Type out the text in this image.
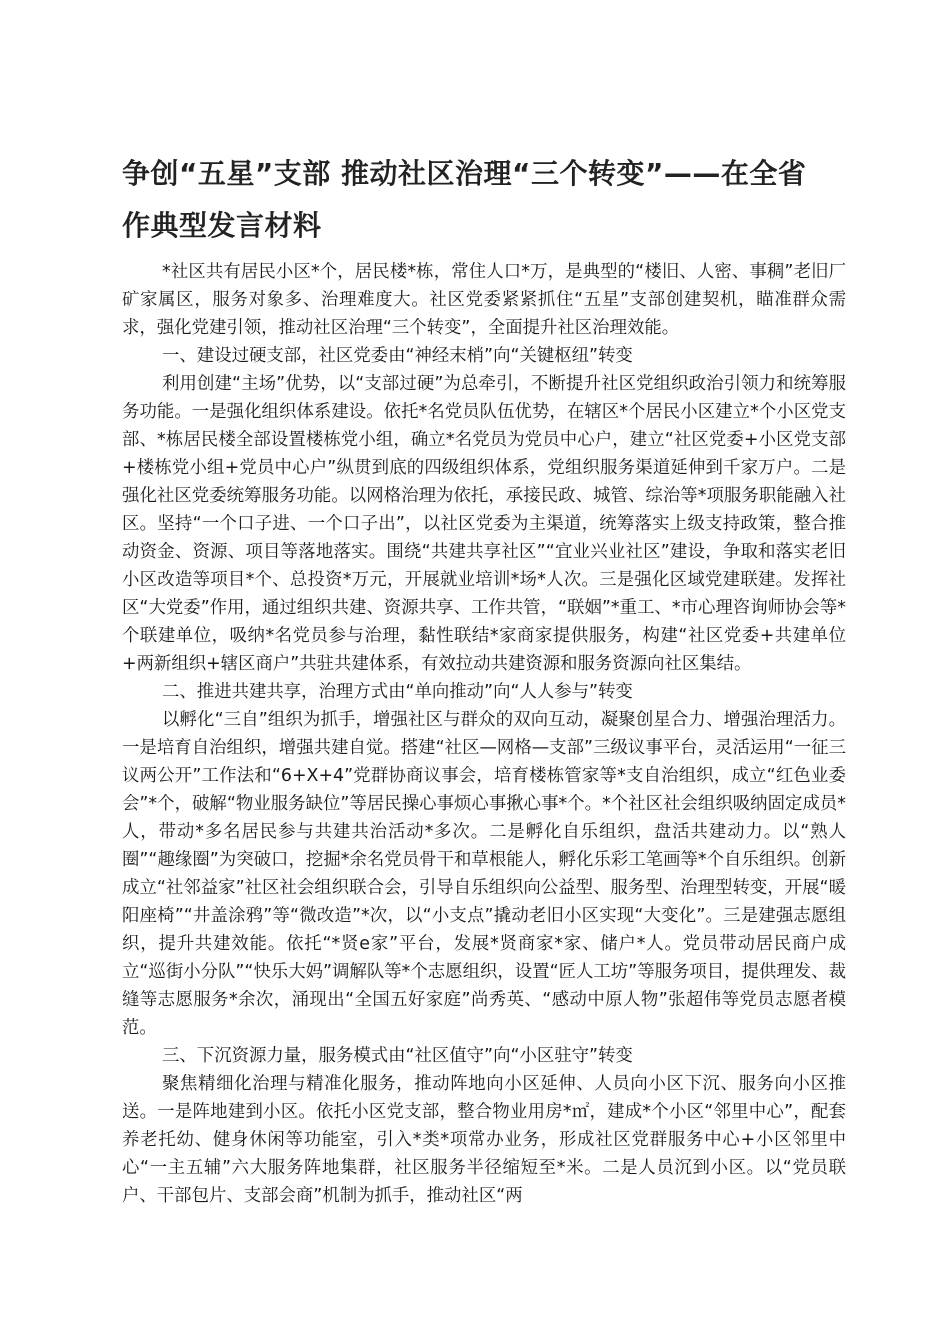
争创“五星”支部 推动社区治理“三个转变”——在全省作典型发言材料

*社区共有居民小区*个，居民楼*栋，常住人口*万，是典型的“楼旧、人密、事稠”老旧厂矿家属区，服务对象多、治理难度大。社区党委紧紧抓住“五星”支部创建契机，瞄准群众需求，强化党建引领，推动社区治理“三个转变”，全面提升社区治理效能。

一、建设过硬支部，社区党委由“神经末梢”向“关键枢纽”转变

利用创建“主场”优势，以“支部过硬”为总牵引，不断提升社区党组织政治引领力和统筹服务功能。一是强化组织体系建设。依托*名党员队伍优势，在辖区*个居民小区建立*个小区党支部、*栋居民楼全部设置楼栋党小组，确立*名党员为党员中心户，建立“社区党委+小区党支部+楼栋党小组+党员中心户”纵贯到底的四级组织体系，党组织服务渠道延伸到千家万户。二是强化社区党委统筹服务功能。以网格治理为依托，承接民政、城管、综治等*项服务职能融入社区。坚持“一个口子进、一个口子出”，以社区党委为主渠道，统筹落实上级支持政策，整合推动资金、资源、项目等落地落实。围绕“共建共享社区”“宜业兴业社区”建设，争取和落实老旧小区改造等项目*个、总投资*万元，开展就业培训*场*人次。三是强化区域党建联建。发挥社区“大党委”作用，通过组织共建、资源共享、工作共管，“联姻”*重工、*市心理咨询师协会等*个联建单位，吸纳*名党员参与治理，黏性联结*家商家提供服务，构建“社区党委+共建单位+两新组织+辖区商户”共驻共建体系，有效拉动共建资源和服务资源向社区集结。

二、推进共建共享，治理方式由“单向推动”向“人人参与”转变

以孵化“三自”组织为抓手，增强社区与群众的双向互动，凝聚创星合力、增强治理活力。一是培育自治组织，增强共建自觉。搭建“社区—网格—支部”三级议事平台，灵活运用“一征三议两公开”工作法和“6+X+4”党群协商议事会，培育楼栋管家等*支自治组织，成立“红色业委会”*个，破解“物业服务缺位”等居民操心事烦心事揪心事*个。*个社区社会组织吸纳固定成员*人，带动*多名居民参与共建共治活动*多次。二是孵化自乐组织，盘活共建动力。以“熟人圈”“趣缘圈”为突破口，挖掘*余名党员骨干和草根能人，孵化乐彩工笔画等*个自乐组织。创新成立“社邻益家”社区社会组织联合会，引导自乐组织向公益型、服务型、治理型转变，开展“暖阳座椅”“井盖涂鸦”等“微改造”*次，以“小支点”撬动老旧小区实现“大变化”。三是建强志愿组织，提升共建效能。依托“*贤e家”平台，发展*贤商家*家、储户*人。党员带动居民商户成立“巡街小分队”“快乐大妈”调解队等*个志愿组织，设置“匠人工坊”等服务项目，提供理发、裁缝等志愿服务*余次，涌现出“全国五好家庭”尚秀英、“感动中原人物”张超伟等党员志愿者模范。

三、下沉资源力量，服务模式由“社区值守”向“小区驻守”转变

聚焦精细化治理与精准化服务，推动阵地向小区延伸、人员向小区下沉、服务向小区推送。一是阵地建到小区。依托小区党支部，整合物业用房*㎡，建成*个小区“邻里中心”，配套养老托幼、健身休闲等功能室，引入*类*项常办业务，形成社区党群服务中心+小区邻里中心“一主五辅”六大服务阵地集群，社区服务半径缩短至*米。二是人员沉到小区。以“党员联户、干部包片、支部会商”机制为抓手，推动社区“两
